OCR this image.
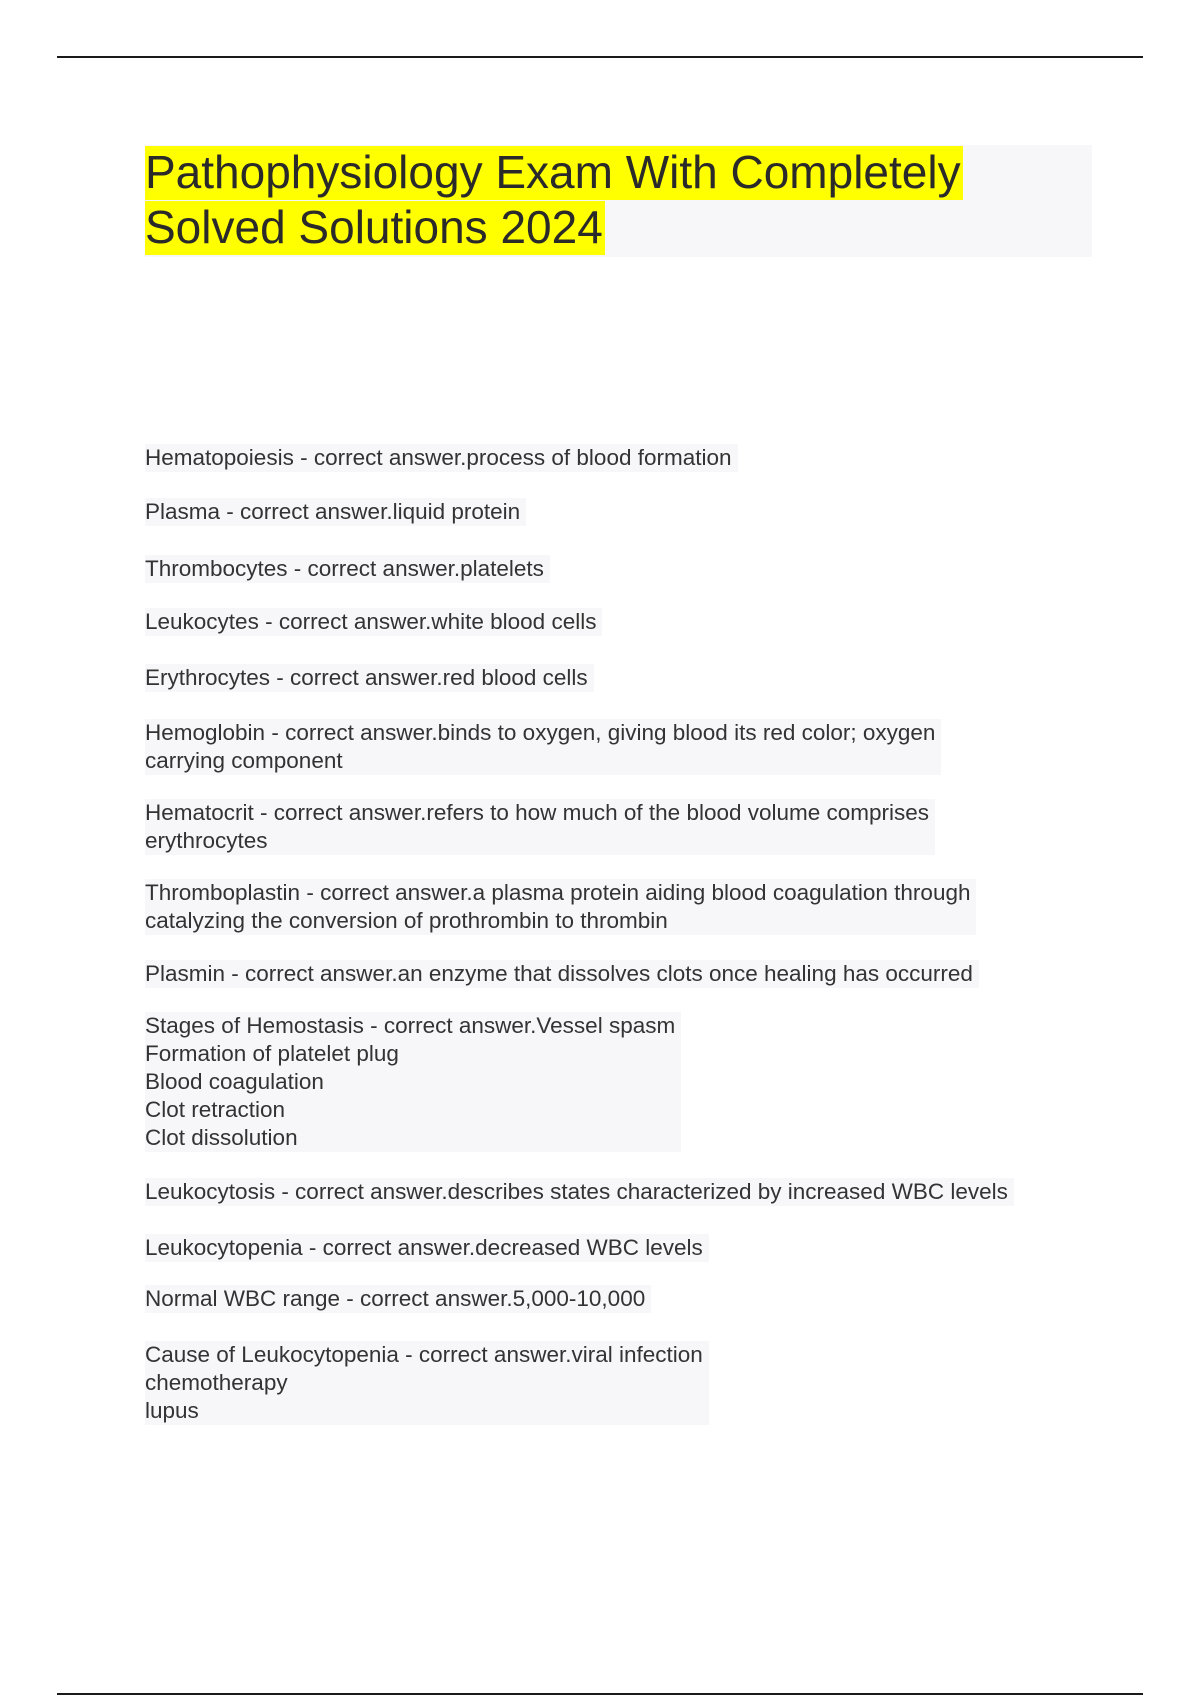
Pathophysiology Exam With Completely
Solved Solutions 2024
Hematopoiesis - correct answer.process of blood formation
Plasma - correct answer.liquid protein
Thrombocytes - correct answer.platelets
Leukocytes - correct answer.white blood cells
Erythrocytes - correct answer.red blood cells
Hemoglobin - correct answer.binds to oxygen, giving blood its red color; oxygen
carrying component
Hematocrit - correct answer.refers to how much of the blood volume comprises
erythrocytes
Thromboplastin - correct answer.a plasma protein aiding blood coagulation through
catalyzing the conversion of prothrombin to thrombin
Plasmin - correct answer.an enzyme that dissolves clots once healing has occurred
Stages of Hemostasis - correct answer.Vessel spasm
Formation of platelet plug
Blood coagulation
Clot retraction
Clot dissolution
Leukocytosis - correct answer.describes states characterized by increased WBC levels
Leukocytopenia - correct answer.decreased WBC levels
Normal WBC range - correct answer.5,000-10,000
Cause of Leukocytopenia - correct answer.viral infection
chemotherapy
lupus
